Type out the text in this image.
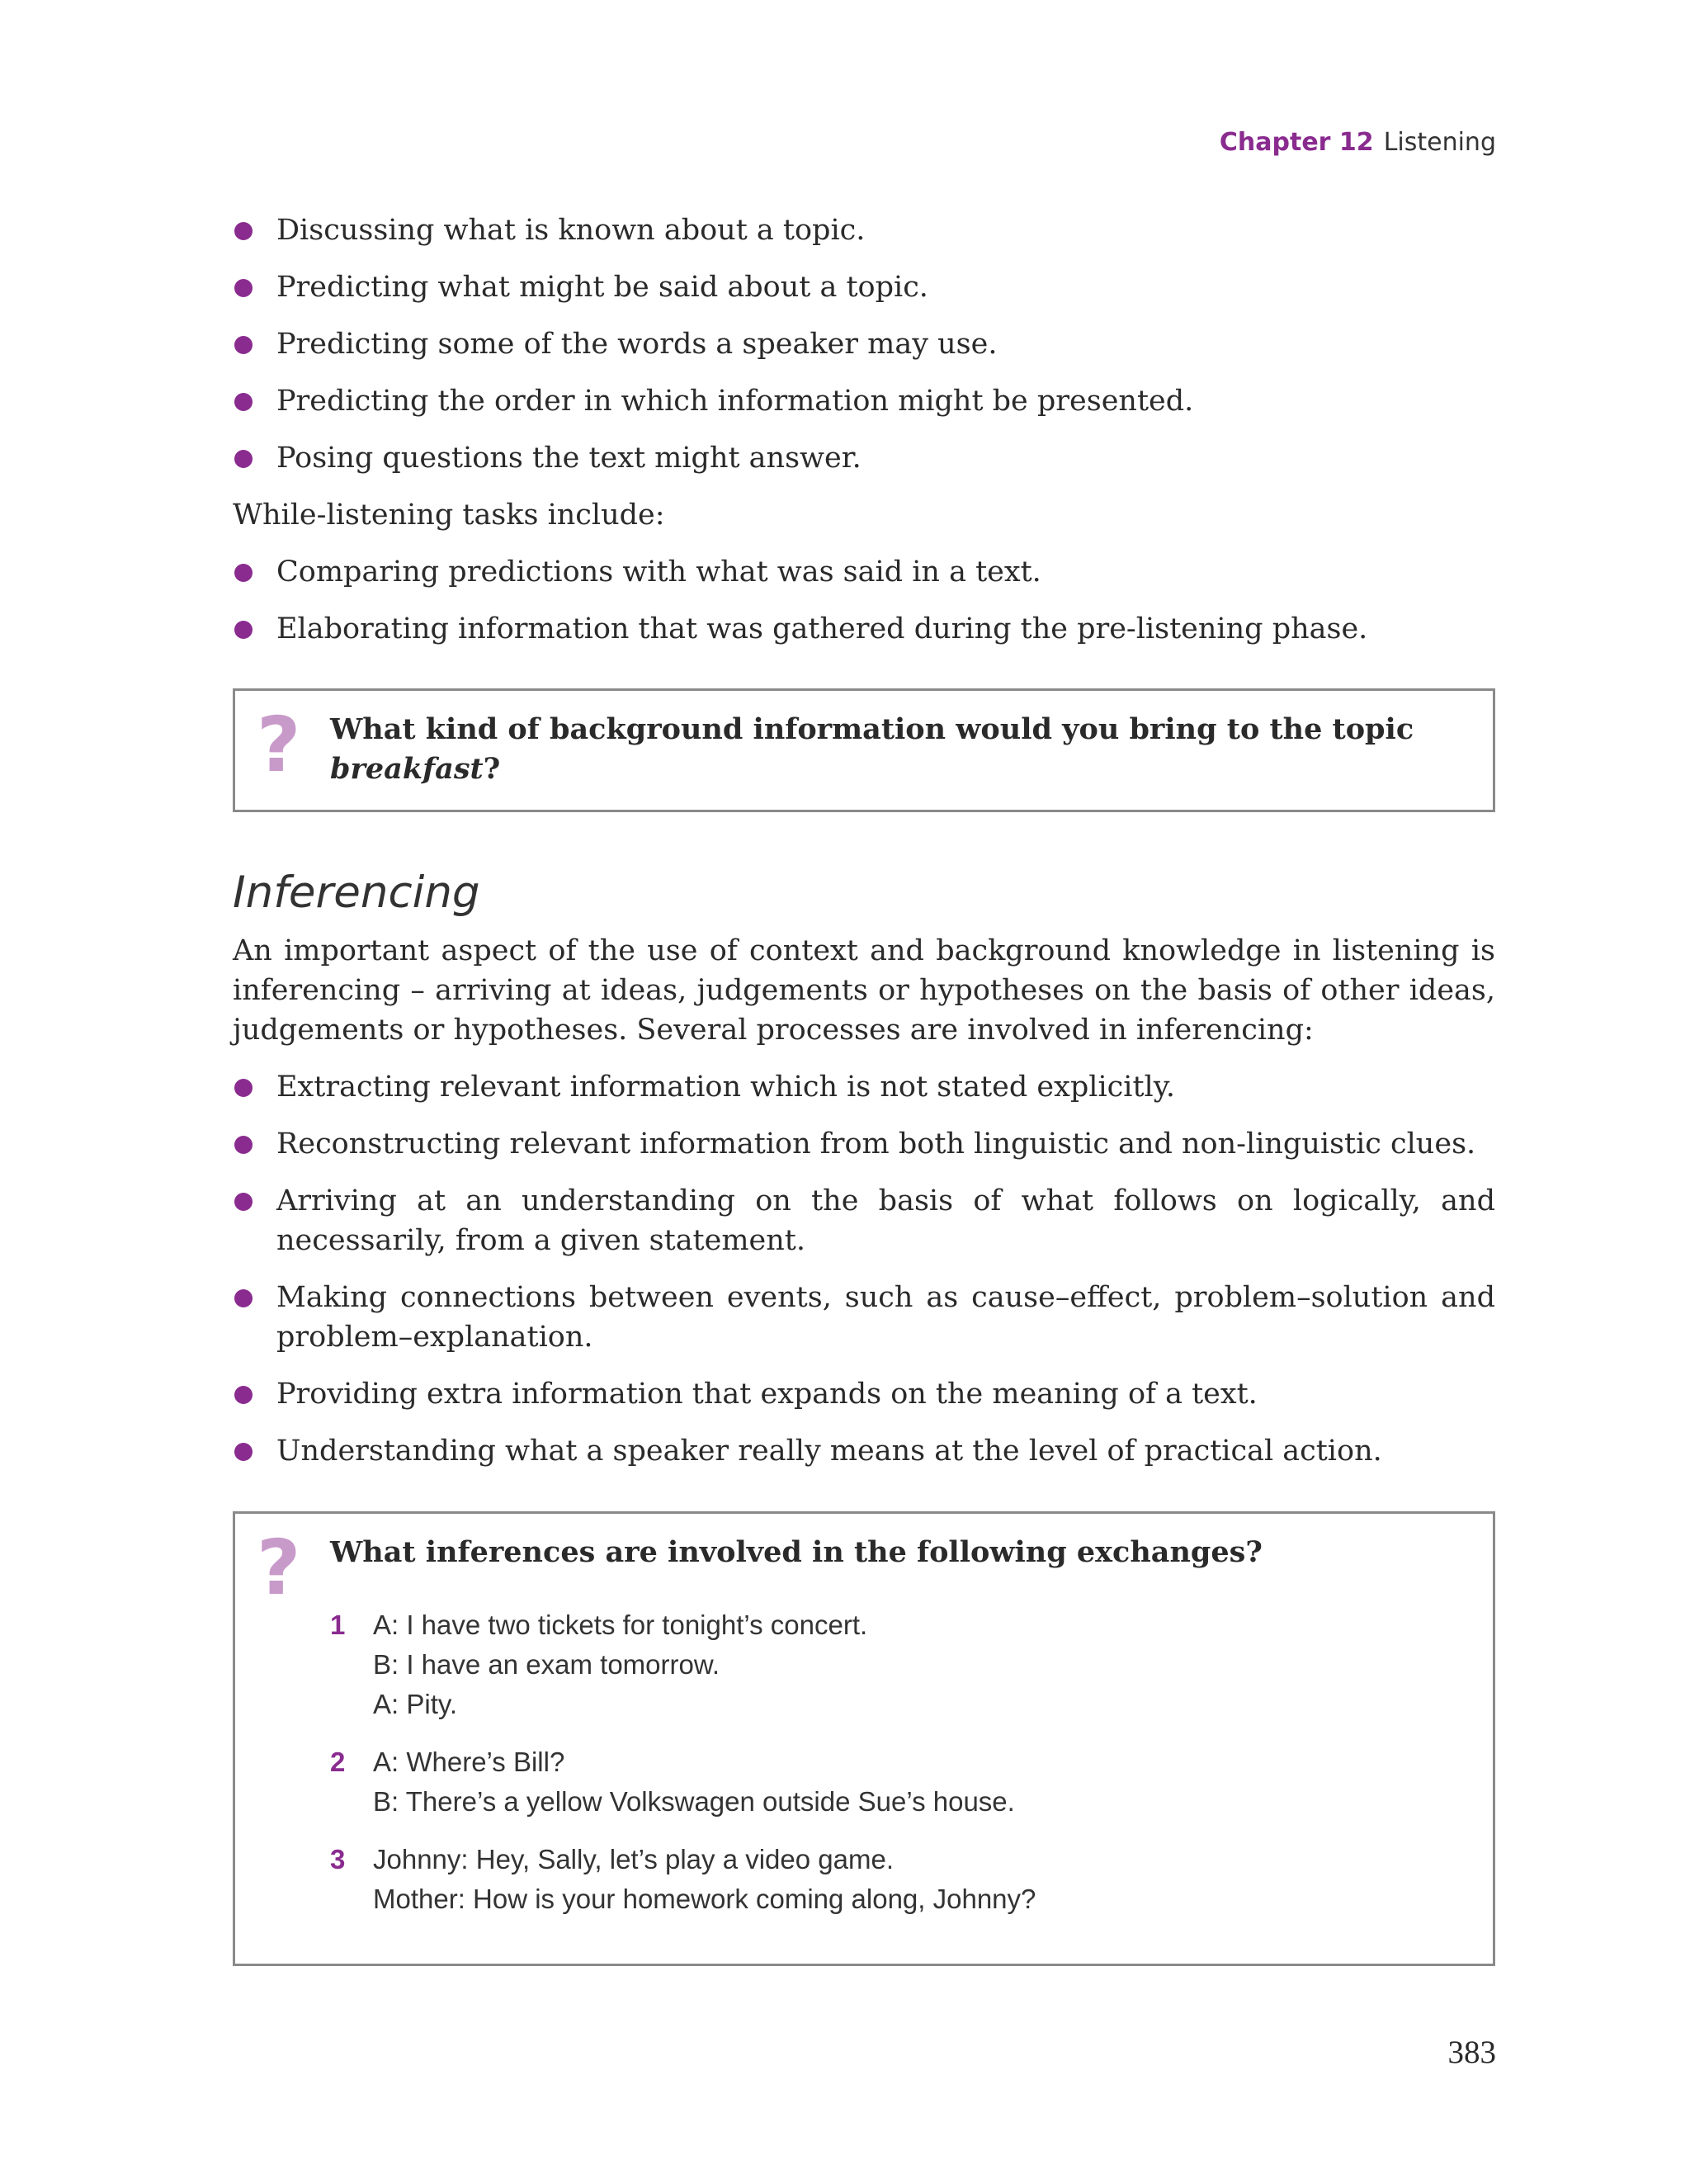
Chapter 12 Listening
Discussing what is known about a topic.
Predicting what might be said about a topic.
Predicting some of the words a speaker may use.
Predicting the order in which information might be presented.
Posing questions the text might answer.

While-listening tasks include:

Comparing predictions with what was said in a text.
Elaborating information that was gathered during the pre-listening phase.
? What kind of background information would you bring to the topic breakfast?
Inferencing

An important aspect of the use of context and background knowledge in listening is inferencing – arriving at ideas, judgements or hypotheses on the basis of other ideas, judgements or hypotheses. Several processes are involved in inferencing:

Extracting relevant information which is not stated explicitly.
Reconstructing relevant information from both linguistic and non-linguistic clues.
Arriving at an understanding on the basis of what follows on logically, and necessarily, from a given statement.
Making connections between events, such as cause–effect, problem–solution and problem–explanation.
Providing extra information that expands on the meaning of a text.
Understanding what a speaker really means at the level of practical action.
? What inferences are involved in the following exchanges?
1 A: I have two tickets for tonight’s concert.
B: I have an exam tomorrow.
A: Pity.
2 A: Where’s Bill?
B: There’s a yellow Volkswagen outside Sue’s house.
3 Johnny: Hey, Sally, let’s play a video game.
Mother: How is your homework coming along, Johnny?
383
